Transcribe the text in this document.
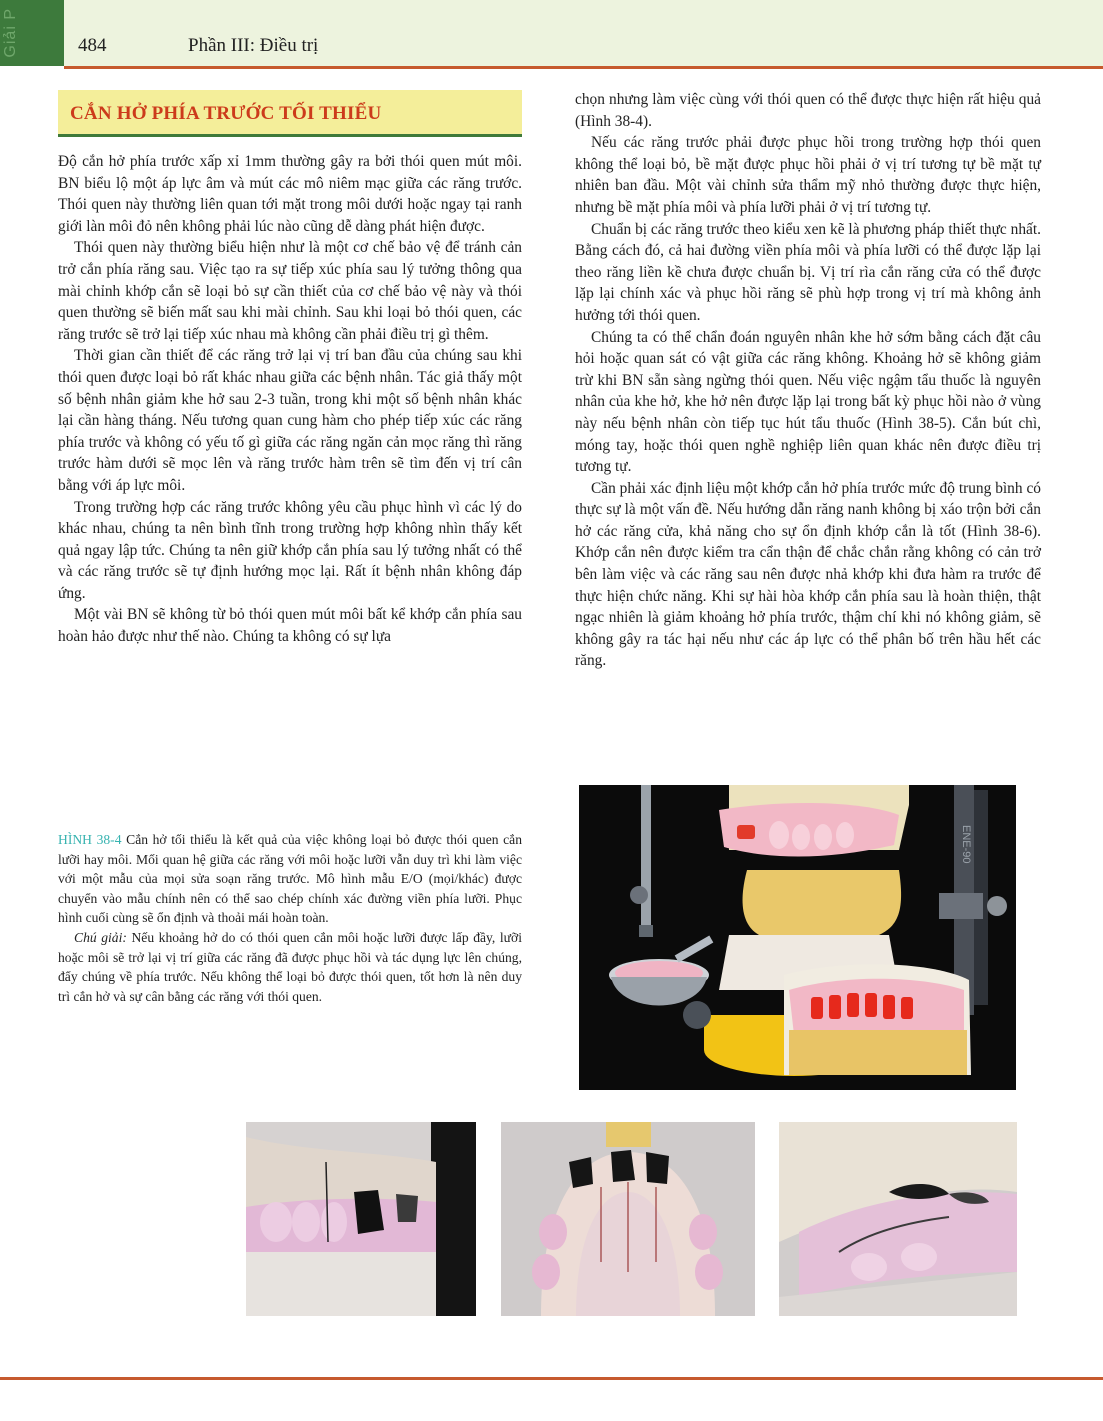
Giải P	484	Phần III: Điều trị
CẮN HỞ PHÍA TRƯỚC TỐI THIỂU

Độ cắn hở phía trước xấp xỉ 1mm thường gây ra bởi thói quen mút môi. BN biểu lộ một áp lực âm và mút các mô niêm mạc giữa các răng trước. Thói quen này thường liên quan tới mặt trong môi dưới hoặc ngay tại ranh giới làn môi đỏ nên không phải lúc nào cũng dễ dàng phát hiện được.

Thói quen này thường biểu hiện như là một cơ chế bảo vệ để tránh cản trở cắn phía răng sau. Việc tạo ra sự tiếp xúc phía sau lý tưởng thông qua mài chỉnh khớp cắn sẽ loại bỏ sự cần thiết của cơ chế bảo vệ này và thói quen thường sẽ biến mất sau khi mài chỉnh. Sau khi loại bỏ thói quen, các răng trước sẽ trở lại tiếp xúc nhau mà không cần phải điều trị gì thêm.

Thời gian cần thiết để các răng trở lại vị trí ban đầu của chúng sau khi thói quen được loại bỏ rất khác nhau giữa các bệnh nhân. Tác giả thấy một số bệnh nhân giảm khe hở sau 2-3 tuần, trong khi một số bệnh nhân khác lại cần hàng tháng. Nếu tương quan cung hàm cho phép tiếp xúc các răng phía trước và không có yếu tố gì giữa các răng ngăn cản mọc răng thì răng trước hàm dưới sẽ mọc lên và răng trước hàm trên sẽ tìm đến vị trí cân bằng với áp lực môi.

Trong trường hợp các răng trước không yêu cầu phục hình vì các lý do khác nhau, chúng ta nên bình tĩnh trong trường hợp không nhìn thấy kết quả ngay lập tức. Chúng ta nên giữ khớp cắn phía sau lý tưởng nhất có thể và các răng trước sẽ tự định hướng mọc lại. Rất ít bệnh nhân không đáp ứng.

Một vài BN sẽ không từ bỏ thói quen mút môi bất kể khớp cắn phía sau hoàn hảo được như thế nào. Chúng ta không có sự lựa

chọn nhưng làm việc cùng với thói quen có thể được thực hiện rất hiệu quả (Hình 38-4).

Nếu các răng trước phải được phục hồi trong trường hợp thói quen không thể loại bỏ, bề mặt được phục hồi phải ở vị trí tương tự bề mặt tự nhiên ban đầu. Một vài chỉnh sửa thẩm mỹ nhỏ thường được thực hiện, nhưng bề mặt phía môi và phía lưỡi phải ở vị trí tương tự.

Chuẩn bị các răng trước theo kiểu xen kẽ là phương pháp thiết thực nhất. Bằng cách đó, cả hai đường viền phía môi và phía lưỡi có thể được lặp lại theo răng liền kề chưa được chuẩn bị. Vị trí rìa cắn răng cửa có thể được lặp lại chính xác và phục hồi răng sẽ phù hợp trong vị trí mà không ảnh hưởng tới thói quen.

Chúng ta có thể chẩn đoán nguyên nhân khe hở sớm bằng cách đặt câu hỏi hoặc quan sát có vật giữa các răng không. Khoảng hở sẽ không giảm trừ khi BN sẵn sàng ngừng thói quen. Nếu việc ngậm tẩu thuốc là nguyên nhân của khe hở, khe hở nên được lặp lại trong bất kỳ phục hồi nào ở vùng này nếu bệnh nhân còn tiếp tục hút tẩu thuốc (Hình 38-5). Cắn bút chì, móng tay, hoặc thói quen nghề nghiệp liên quan khác nên được điều trị tương tự.

Cần phải xác định liệu một khớp cắn hở phía trước mức độ trung bình có thực sự là một vấn đề. Nếu hướng dẫn răng nanh không bị xáo trộn bởi cắn hở các răng cửa, khả năng cho sự ổn định khớp cắn là tốt (Hình 38-6). Khớp cắn nên được kiểm tra cẩn thận để chắc chắn rằng không có cản trở bên làm việc và các răng sau nên được nhả khớp khi đưa hàm ra trước để thực hiện chức năng. Khi sự hài hòa khớp cắn phía sau là hoàn thiện, thật ngạc nhiên là giảm khoảng hở phía trước, thậm chí khi nó không giảm, sẽ không gây ra tác hại nếu như các áp lực có thể phân bố trên hầu hết các răng.

HÌNH 38-4 Cắn hở tối thiểu là kết quả của việc không loại bỏ được thói quen cắn lưỡi hay môi. Mối quan hệ giữa các răng với môi hoặc lưỡi vẫn duy trì khi làm việc với một mẫu của mọi sửa soạn răng trước. Mô hình mẫu E/O (mọi/khác) được chuyển vào mẫu chính nên có thể sao chép chính xác đường viền phía lưỡi. Phục hình cuối cùng sẽ ổn định và thoải mái hoàn toàn.

Chú giải: Nếu khoảng hở do có thói quen cắn môi hoặc lưỡi được lấp đầy, lưỡi hoặc môi sẽ trở lại vị trí giữa các răng đã được phục hồi và tác dụng lực lên chúng, đẩy chúng về phía trước. Nếu không thể loại bỏ được thói quen, tốt hơn là nên duy trì cắn hở và sự cân bằng các răng với thói quen.

ENE-90
